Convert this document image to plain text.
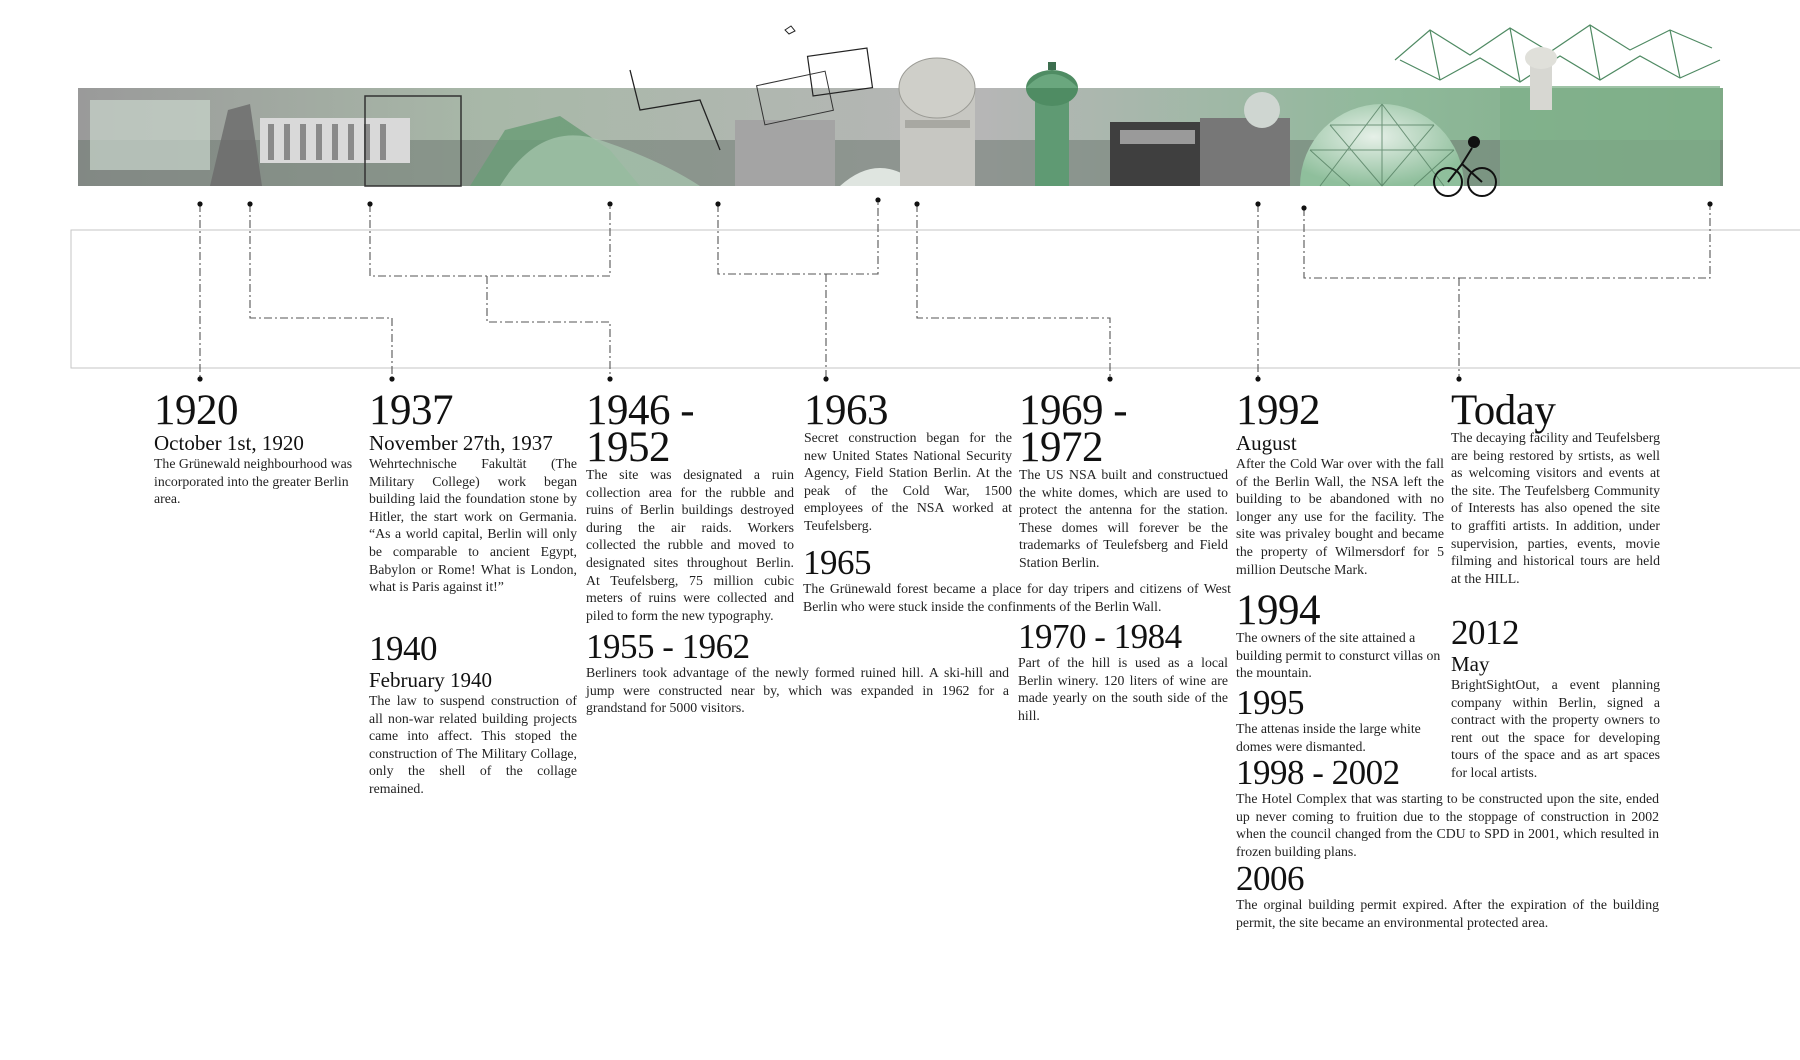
1920
October 1st, 1920
The Grünewald neighbourhood was incorporated into the greater Berlin area.
1937
November 27th, 1937
Wehrtechnische Fakultät (The Military College) work began building laid the foundation stone by Hitler, the start work on Germania. “As a world capital, Berlin will only be comparable to ancient Egypt, Babylon or Rome! What is London, what is Paris against it!”
1940
February 1940
The law to suspend construction of all non-war related building projects came into affect. This stoped the construction of The Military Collage, only the shell of the collage remained.
1946 -
1952
The site was designated a ruin collection area for the rubble and ruins of Berlin buildings destroyed during the air raids. Workers collected the rubble and moved to designated sites throughout Berlin. At Teufelsberg, 75 million cubic meters of ruins were collected and piled to form the new typography.
1955 - 1962
Berliners took advantage of the newly formed ruined hill. A ski-hill and jump were constructed near by, which was expanded in 1962 for a grandstand for 5000 visitors.
1963
Secret construction began for the new United States National Security Agency, Field Station Berlin. At the peak of the Cold War, 1500 employees of the NSA worked at Teufelsberg.
1965
The Grünewald forest became a place for day tripers and citizens of West Berlin who were stuck inside the confinments of the Berlin Wall.
1969 -
1972
The US NSA built and constructued the white domes, which are used to protect the antenna for the station. These domes will forever be the trademarks of Teulefsberg and Field Station Berlin.
1970 - 1984
Part of the hill is used as a local Berlin winery. 120 liters of wine are made yearly on the south side of the hill.
1992
August
After the Cold War over with the fall of the Berlin Wall, the NSA left the building to be abandoned with no longer any use for the facility. The site was privaley bought and became the property of Wilmersdorf for 5 million Deutsche Mark.
1994
The owners of the site attained a building permit to consturct villas on the mountain.
1995
The attenas inside the large white domes were dismanted.
1998 - 2002
The Hotel Complex that was starting to be constructed upon the site, ended up never coming to fruition due to the stoppage of construction in 2002 when the council changed from the CDU to SPD in 2001, which resulted in frozen building plans.
2006
The orginal building permit expired. After the expiration of the building permit, the site became an environmental protected area.
Today
The decaying facility and Teufelsberg are being restored by srtists, as well as welcoming visitors and events at the site. The Teufelsberg Community of Interests has also opened the site to graffiti artists. In addition, under supervision, parties, events, movie filming and historical tours are held at the HILL.
2012
May
BrightSightOut, a event planning company within Berlin, signed a contract with the property owners to rent out the space for developing tours of the space and as art spaces for local artists.
